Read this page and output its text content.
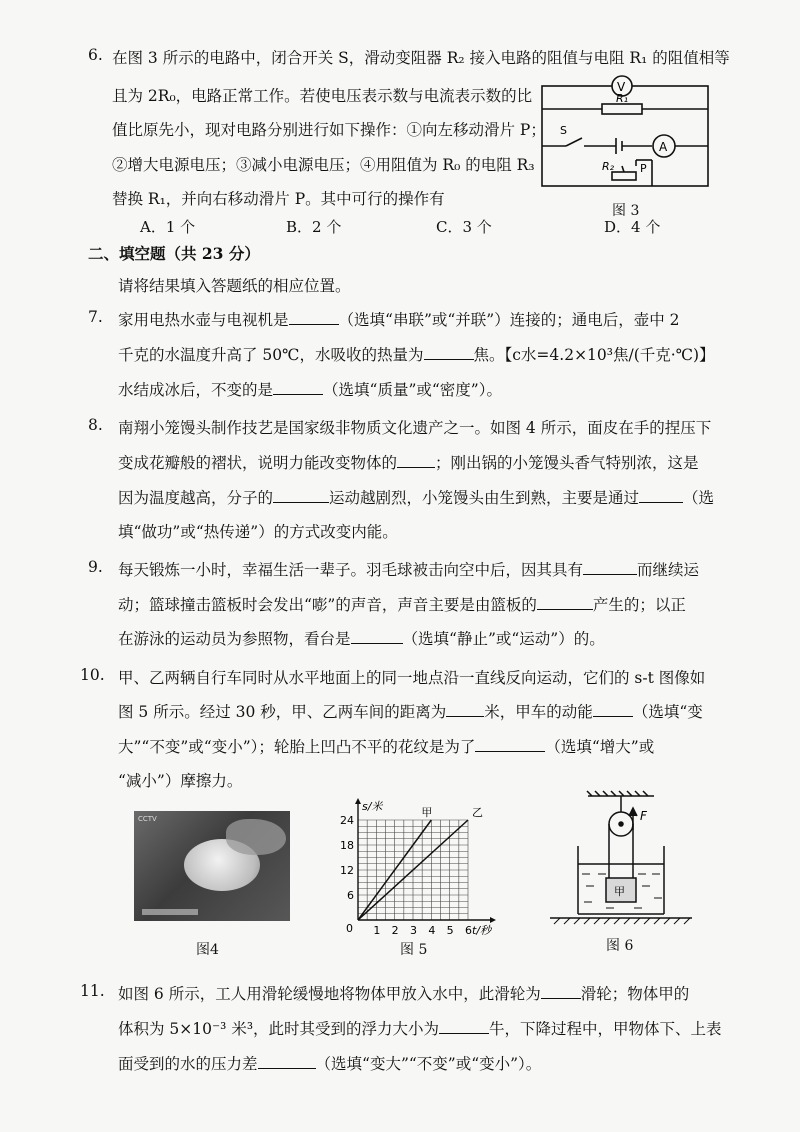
6. 在图 3 所示的电路中，闭合开关 S，滑动变阻器 R₂ 接入电路的阻值与电阻 R₁ 的阻值相等
且为 2R₀，电路正常工作。若使电压表示数与电流表示数的比
值比原先小，现对电路分别进行如下操作：①向左移动滑片 P；
②增大电源电压；③减小电源电压；④用阻值为 R₀ 的电阻 R₃
替换 R₁，并向右移动滑片 P。其中可行的操作有
A．1 个	B．2 个	C．3 个	D．4 个
V
R₁
A
S
R₂ P
图 3
二、填空题（共 23 分）
请将结果填入答题纸的相应位置。
7. 家用电热水壶与电视机是	（选填“串联”或“并联”）连接的；通电后，壶中 2
千克的水温度升高了 50℃，水吸收的热量为	焦。【c水=4.2×10³焦/(千克·℃)】
水结成冰后，不变的是	（选填“质量”或“密度”）。
8. 南翔小笼馒头制作技艺是国家级非物质文化遗产之一。如图 4 所示，面皮在手的捏压下
变成花瓣般的褶状，说明力能改变物体的 ；刚出锅的小笼馒头香气特别浓，这是
因为温度越高，分子的	运动越剧烈，小笼馒头由生到熟，主要是通过	（选
填“做功”或“热传递”）的方式改变内能。
9. 每天锻炼一小时，幸福生活一辈子。羽毛球被击向空中后，因其具有	而继续运
动；篮球撞击篮板时会发出“嘭”的声音，声音主要是由篮板的	产生的；以正
在游泳的运动员为参照物，看台是	（选填“静止”或“运动”）的。
10. 甲、乙两辆自行车同时从水平地面上的同一地点沿一直线反向运动，它们的 s-t 图像如
图 5 所示。经过 30 秒，甲、乙两车间的距离为 米，甲车的动能	（选填“变
大”“不变”或“变小”）；轮胎上凹凸不平的花纹是为了	（选填“增大”或
“减小”）摩擦力。
CCTV
图4
1 2 3 4 5 6
6
12
18
24
0
s/米
t/秒
甲	乙
图 5
F
甲
图 6
11. 如图 6 所示，工人用滑轮缓慢地将物体甲放入水中，此滑轮为	滑轮；物体甲的
体积为 5×10⁻³ 米³，此时其受到的浮力大小为	牛，下降过程中，甲物体下、上表
面受到的水的压力差	（选填“变大”“不变”或“变小”）。
